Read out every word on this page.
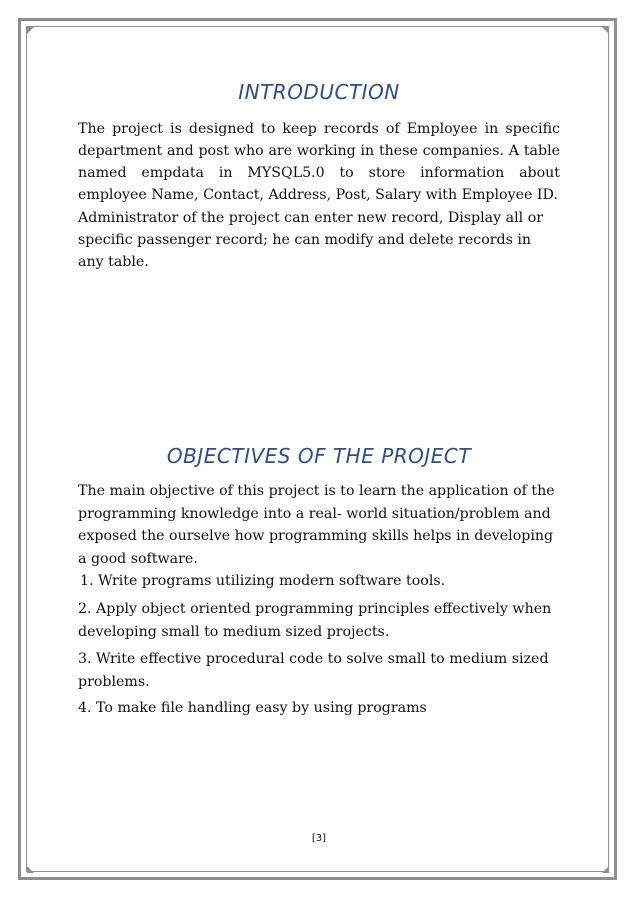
INTRODUCTION

The project is designed to keep records of Employee in specific department and post who are working in these companies. A table named empdata in MYSQL5.0 to store information about employee Name, Contact, Address, Post, Salary with Employee ID.

Administrator of the project can enter new record, Display all or specific passenger record; he can modify and delete records in any table.

OBJECTIVES OF THE PROJECT

The main objective of this project is to learn the application of the programming knowledge into a real- world situation/problem and exposed the ourselve how programming skills helps in developing a good software.

1. Write programs utilizing modern software tools.

2. Apply object oriented programming principles effectively when developing small to medium sized projects.

3. Write effective procedural code to solve small to medium sized problems.

4. To make file handling easy by using programs

[3]
